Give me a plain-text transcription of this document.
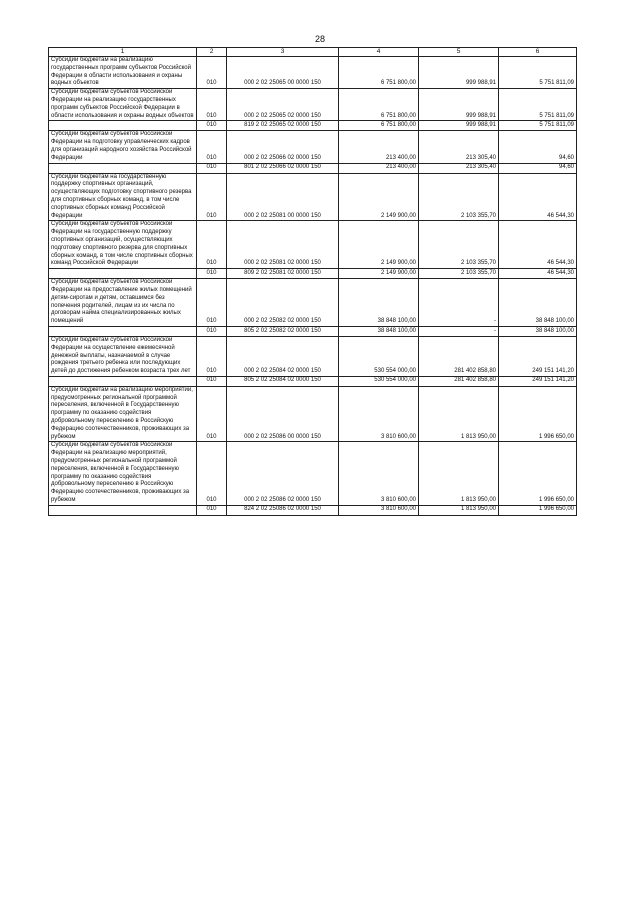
28
1	2	3	4	5	6
Субсидии бюджетам на реализацию государственных программ субъектов Российской Федерации в области использования и охраны водных объектов	010	000 2 02 25065 00 0000 150	6 751 800,00	999 988,91	5 751 811,09
Субсидии бюджетам субъектов Российской Федерации на реализацию государственных программ субъектов Российской Федерации в области использования и охраны водных объектов	010	000 2 02 25065 02 0000 150	6 751 800,00	999 988,91	5 751 811,09
	010	819 2 02 25065 02 0000 150	6 751 800,00	999 988,91	5 751 811,09
Субсидии бюджетам субъектов Российской Федерации на подготовку управленческих кадров для организаций народного хозяйства Российской Федерации	010	000 2 02 25066 02 0000 150	213 400,00	213 305,40	94,60
	010	801 2 02 25066 02 0000 150	213 400,00	213 305,40	94,60
Субсидии бюджетам на государственную поддержку спортивных организаций, осуществляющих подготовку спортивного резерва для спортивных сборных команд, в том числе спортивных сборных команд Российской Федерации	010	000 2 02 25081 00 0000 150	2 149 900,00	2 103 355,70	46 544,30
Субсидии бюджетам субъектов Российской Федерации на государственную поддержку спортивных организаций, осуществляющих подготовку спортивного резерва для спортивных сборных команд, в том числе спортивных сборных команд Российской Федерации	010	000 2 02 25081 02 0000 150	2 149 900,00	2 103 355,70	46 544,30
	010	809 2 02 25081 02 0000 150	2 149 900,00	2 103 355,70	46 544,30
Субсидии бюджетам субъектов Российской Федерации на предоставление жилых помещений детям-сиротам и детям, оставшимся без попечения родителей, лицам из их числа по договорам найма специализированных жилых помещений	010	000 2 02 25082 02 0000 150	38 848 100,00	-	38 848 100,00
	010	805 2 02 25082 02 0000 150	38 848 100,00	-	38 848 100,00
Субсидии бюджетам субъектов Российской Федерации на осуществление ежемесячной денежной выплаты, назначаемой в случае рождения третьего ребенка или последующих детей до достижения ребенком возраста трех лет	010	000 2 02 25084 02 0000 150	530 554 000,00	281 402 858,80	249 151 141,20
	010	805 2 02 25084 02 0000 150	530 554 000,00	281 402 858,80	249 151 141,20
Субсидии бюджетам на реализацию мероприятий, предусмотренных региональной программой переселения, включенной в Государственную программу по оказанию содействия добровольному переселению в Российскую Федерацию соотечественников, проживающих за рубежом	010	000 2 02 25086 00 0000 150	3 810 600,00	1 813 950,00	1 996 650,00
Субсидии бюджетам субъектов Российской Федерации на реализацию мероприятий, предусмотренных региональной программой переселения, включенной в Государственную программу по оказанию содействия добровольному переселению в Российскую Федерацию соотечественников, проживающих за рубежом	010	000 2 02 25086 02 0000 150	3 810 600,00	1 813 950,00	1 996 650,00
	010	824 2 02 25086 02 0000 150	3 810 600,00	1 813 950,00	1 996 650,00
